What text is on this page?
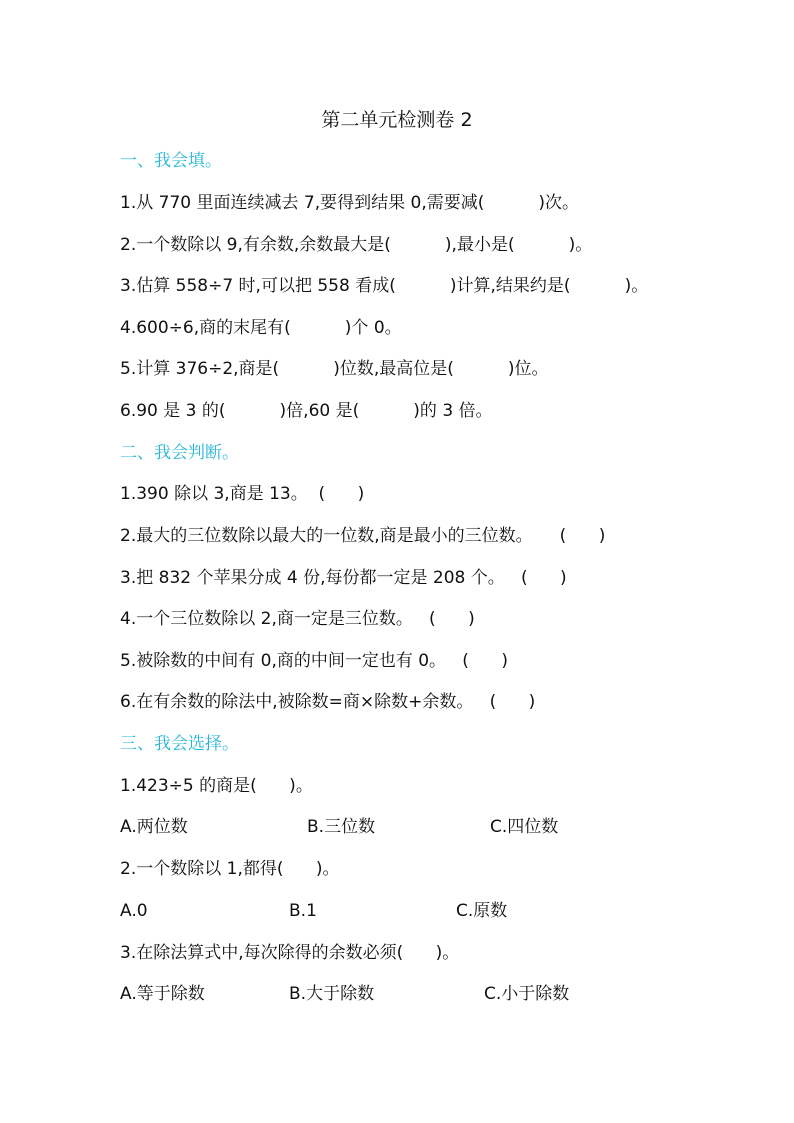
第二单元检测卷 2
一、我会填。
1.从 770 里面连续减去 7,要得到结果 0,需要减(          )次。
2.一个数除以 9,有余数,余数最大是(          ),最小是(          )。
3.估算 558÷7 时,可以把 558 看成(          )计算,结果约是(          )。
4.600÷6,商的末尾有(          )个 0。
5.计算 376÷2,商是(          )位数,最高位是(          )位。
6.90 是 3 的(          )倍,60 是(          )的 3 倍。
二、我会判断。
1.390 除以 3,商是 13。  (      )
2.最大的三位数除以最大的一位数,商是最小的三位数。     (      )
3.把 832 个苹果分成 4 份,每份都一定是 208 个。   (      )
4.一个三位数除以 2,商一定是三位数。   (      )
5.被除数的中间有 0,商的中间一定也有 0。   (      )
6.在有余数的除法中,被除数=商×除数+余数。   (      )
三、我会选择。
1.423÷5 的商是(      )。
A.两位数	B.三位数	C.四位数
2.一个数除以 1,都得(      )。
A.0	B.1	C.原数
3.在除法算式中,每次除得的余数必须(      )。
A.等于除数	B.大于除数	C.小于除数
